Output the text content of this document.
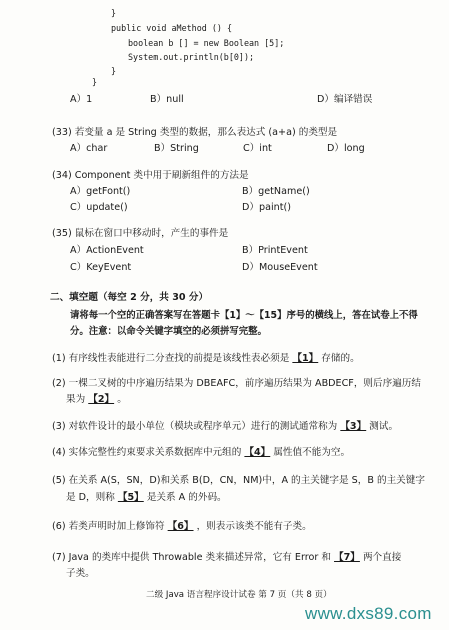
}
public void aMethod () {
boolean b [] = new Boolean [5];
System.out.println(b[0]);
}
}
A）1	B）null	D）编译错误
(33) 若变量 a 是 String 类型的数据，那么表达式 (a+a) 的类型是
A）char	B）String	C）int	D）long
(34) Component 类中用于刷新组件的方法是
A）getFont()	B）getName()
C）update()	D）paint()
(35) 鼠标在窗口中移动时，产生的事件是
A）ActionEvent	B）PrintEvent
C）KeyEvent	D）MouseEvent
二、填空题（每空 2 分，共 30 分）
请将每一个空的正确答案写在答题卡【1】～【15】序号的横线上，答在试卷上不得
分。注意：以命令关键字填空的必须拼写完整。
(1) 有序线性表能进行二分查找的前提是该线性表必须是 【1】 存储的。
(2) 一棵二叉树的中序遍历结果为 DBEAFC，前序遍历结果为 ABDECF，则后序遍历结
果为 【2】 。
(3) 对软件设计的最小单位（模块或程序单元）进行的测试通常称为 【3】 测试。
(4) 实体完整性约束要求关系数据库中元组的 【4】 属性值不能为空。
(5) 在关系 A(S，SN，D)和关系 B(D，CN，NM)中，A 的主关键字是 S，B 的主关键字
是 D，则称 【5】 是关系 A 的外码。
(6) 若类声明时加上修饰符 【6】 ，则表示该类不能有子类。
(7) Java 的类库中提供 Throwable 类来描述异常，它有 Error 和 【7】 两个直接
子类。
二级 Java 语言程序设计试卷 第 7 页（共 8 页）
www.dxs89.com
